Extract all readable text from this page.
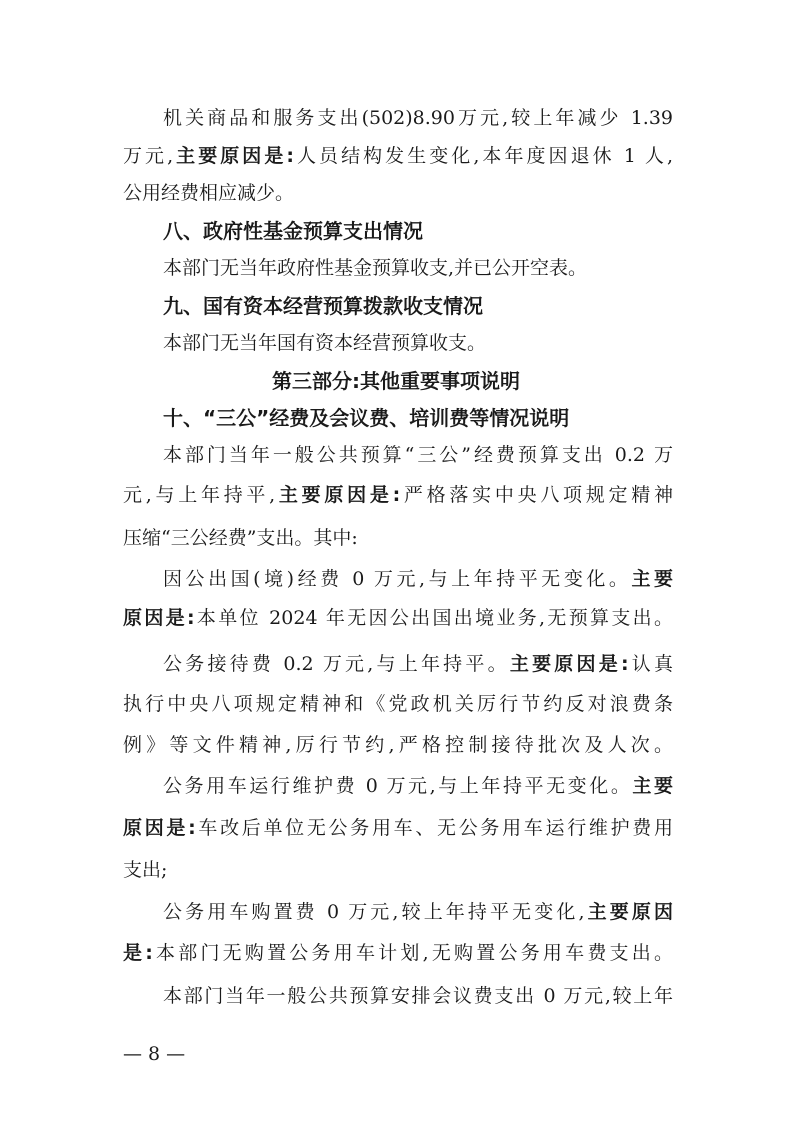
机关商品和服务支出(502)8.90万元,较上年减少 1.39
万元,主要原因是:人员结构发生变化,本年度因退休 1 人,
公用经费相应减少。
八、政府性基金预算支出情况
本部门无当年政府性基金预算收支,并已公开空表。
九、国有资本经营预算拨款收支情况
本部门无当年国有资本经营预算收支。
第三部分:其他重要事项说明
十、“三公”经费及会议费、培训费等情况说明
本部门当年一般公共预算“三公”经费预算支出 0.2 万
元,与上年持平,主要原因是:严格落实中央八项规定精神
压缩“三公经费”支出。其中:
因公出国(境)经费 0 万元,与上年持平无变化。主要
原因是:本单位 2024 年无因公出国出境业务,无预算支出。
公务接待费 0.2 万元,与上年持平。主要原因是:认真
执行中央八项规定精神和《党政机关厉行节约反对浪费条
例》等文件精神,厉行节约,严格控制接待批次及人次。
公务用车运行维护费 0 万元,与上年持平无变化。主要
原因是:车改后单位无公务用车、无公务用车运行维护费用
支出;
公务用车购置费 0 万元,较上年持平无变化,主要原因
是:本部门无购置公务用车计划,无购置公务用车费支出。
本部门当年一般公共预算安排会议费支出 0 万元,较上年
— 8 —
